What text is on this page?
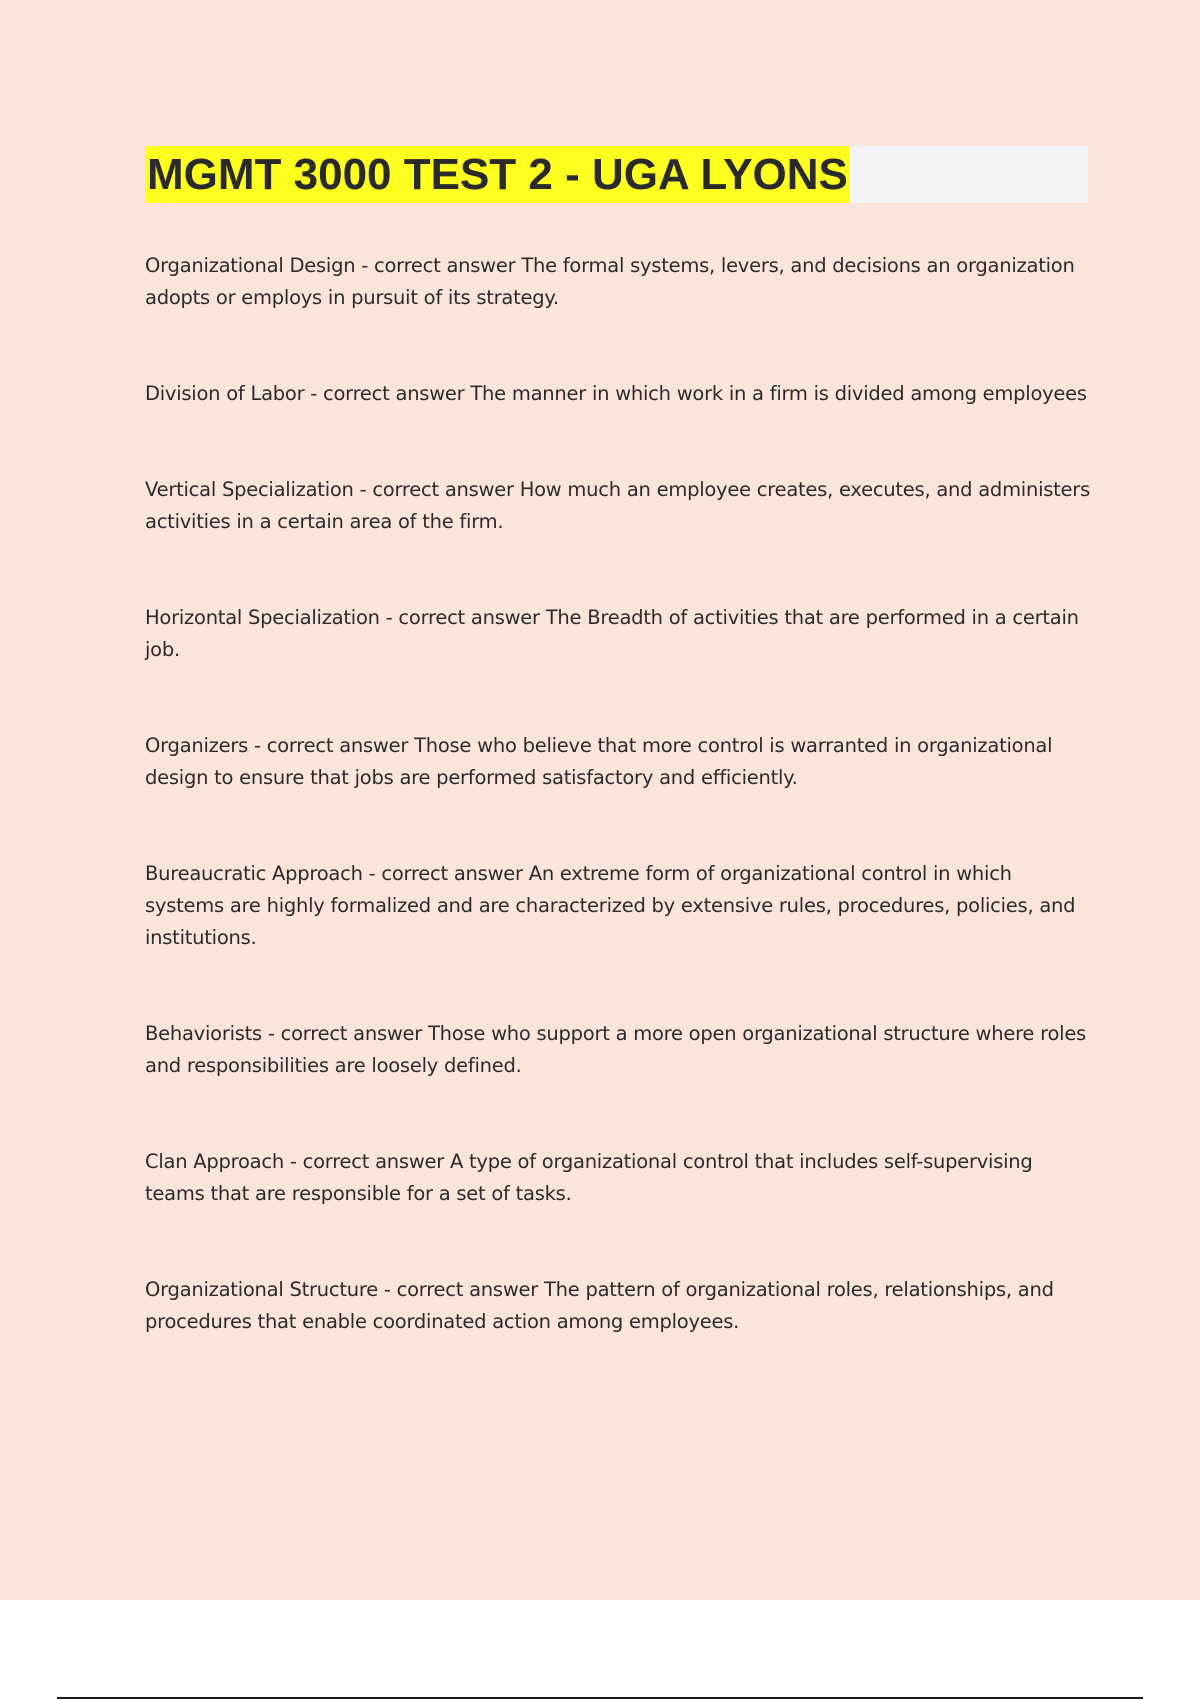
MGMT 3000 TEST 2 - UGA LYONS
Organizational Design - correct answer The formal systems, levers, and decisions an organization adopts or employs in pursuit of its strategy.
Division of Labor - correct answer The manner in which work in a firm is divided among employees
Vertical Specialization - correct answer How much an employee creates, executes, and administers activities in a certain area of the firm.
Horizontal Specialization - correct answer The Breadth of activities that are performed in a certain job.
Organizers - correct answer Those who believe that more control is warranted in organizational design to ensure that jobs are performed satisfactory and efficiently.
Bureaucratic Approach - correct answer An extreme form of organizational control in which systems are highly formalized and are characterized by extensive rules, procedures, policies, and institutions.
Behaviorists - correct answer Those who support a more open organizational structure where roles and responsibilities are loosely defined.
Clan Approach - correct answer A type of organizational control that includes self-supervising teams that are responsible for a set of tasks.
Organizational Structure - correct answer The pattern of organizational roles, relationships, and procedures that enable coordinated action among employees.
